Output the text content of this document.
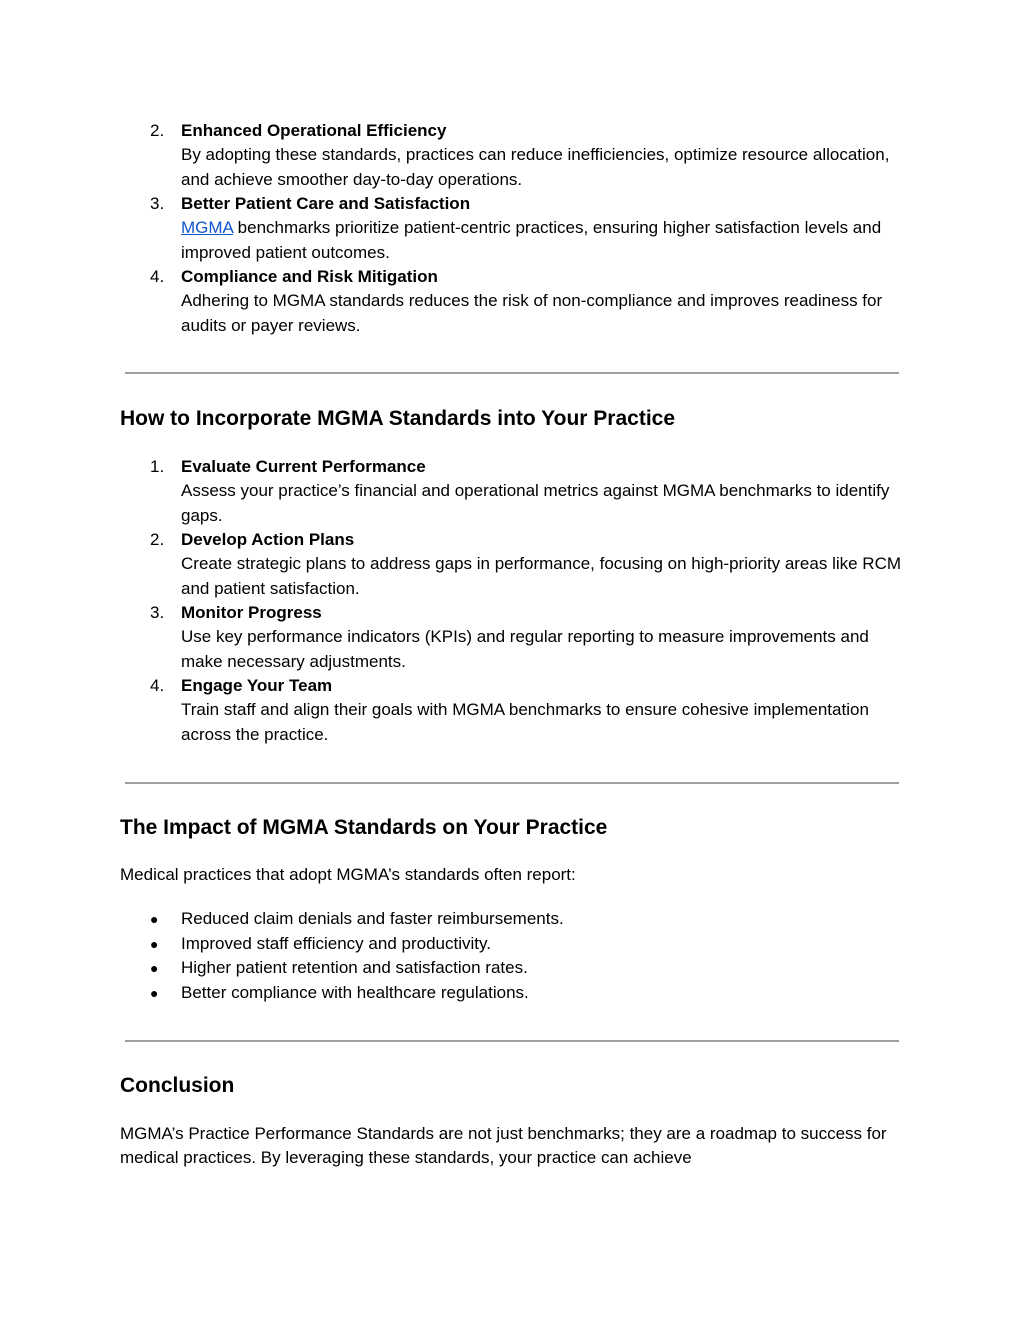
2. Enhanced Operational Efficiency
By adopting these standards, practices can reduce inefficiencies, optimize resource allocation, and achieve smoother day-to-day operations.
3. Better Patient Care and Satisfaction
MGMA benchmarks prioritize patient-centric practices, ensuring higher satisfaction levels and improved patient outcomes.
4. Compliance and Risk Mitigation
Adhering to MGMA standards reduces the risk of non-compliance and improves readiness for audits or payer reviews.
How to Incorporate MGMA Standards into Your Practice
1. Evaluate Current Performance
Assess your practice’s financial and operational metrics against MGMA benchmarks to identify gaps.
2. Develop Action Plans
Create strategic plans to address gaps in performance, focusing on high-priority areas like RCM and patient satisfaction.
3. Monitor Progress
Use key performance indicators (KPIs) and regular reporting to measure improvements and make necessary adjustments.
4. Engage Your Team
Train staff and align their goals with MGMA benchmarks to ensure cohesive implementation across the practice.
The Impact of MGMA Standards on Your Practice

Medical practices that adopt MGMA’s standards often report:

● Reduced claim denials and faster reimbursements.
● Improved staff efficiency and productivity.
● Higher patient retention and satisfaction rates.
● Better compliance with healthcare regulations.
Conclusion

MGMA’s Practice Performance Standards are not just benchmarks; they are a roadmap to success for medical practices. By leveraging these standards, your practice can achieve
